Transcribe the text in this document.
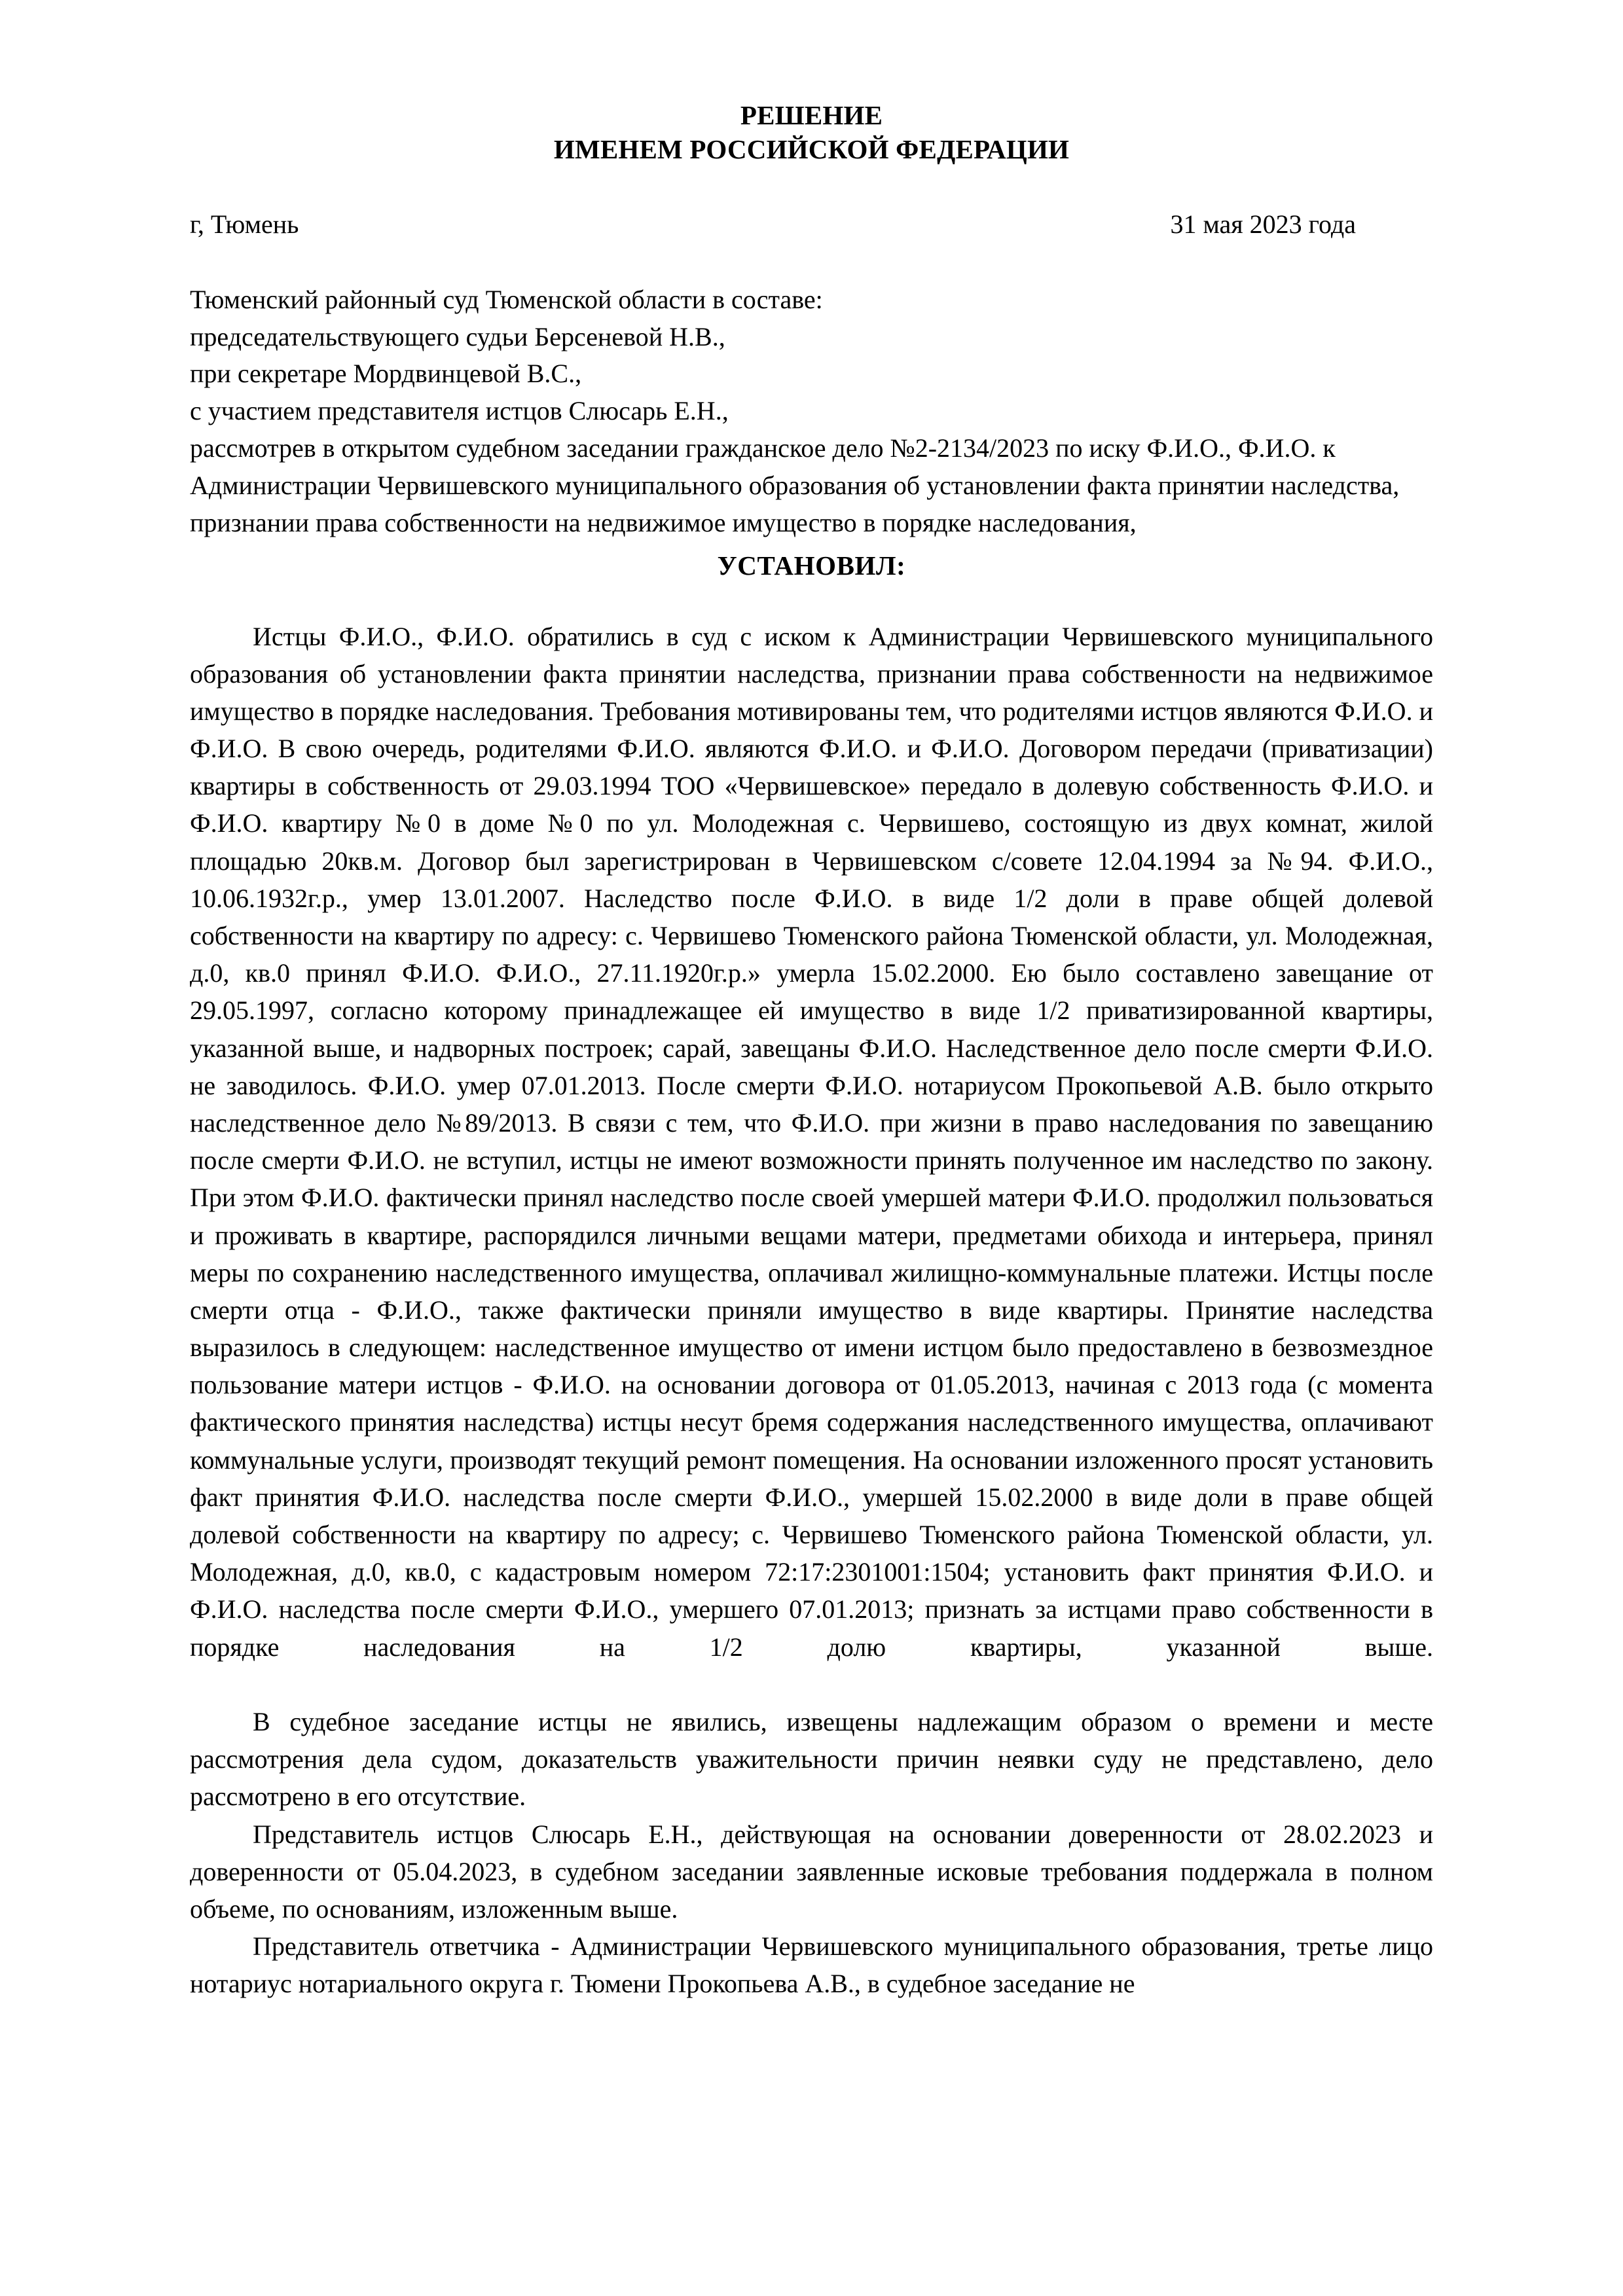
РЕШЕНИЕ
ИМЕНЕМ РОССИЙСКОЙ ФЕДЕРАЦИИ
г, Тюмень	31 мая 2023 года
Тюменский районный суд Тюменской области в составе:
председательствующего судьи Берсеневой Н.В.,
при секретаре Мордвинцевой В.С.,
с участием представителя истцов Слюсарь Е.Н.,
рассмотрев в открытом судебном заседании гражданское дело №2-2134/2023 по иску Ф.И.О., Ф.И.О. к Администрации Червишевского муниципального образования об установлении факта принятии наследства, признании права собственности на недвижимое имущество в порядке наследования,
УСТАНОВИЛ:

Истцы Ф.И.О., Ф.И.О. обратились в суд с иском к Администрации Червишевского муниципального образования об установлении факта принятии наследства, признании права собственности на недвижимое имущество в порядке наследования. Требования мотивированы тем, что родителями истцов являются Ф.И.О. и Ф.И.О. В свою очередь, родителями Ф.И.О. являются Ф.И.О. и Ф.И.О. Договором передачи (приватизации) квартиры в собственность от 29.03.1994 ТОО «Червишевское» передало в долевую собственность Ф.И.О. и Ф.И.О. квартиру №0 в доме №0 по ул. Молодежная с. Червишево, состоящую из двух комнат, жилой площадью 20кв.м. Договор был зарегистрирован в Червишевском с/совете 12.04.1994 за №94. Ф.И.О., 10.06.1932г.р., умер 13.01.2007. Наследство после Ф.И.О. в виде 1/2 доли в праве общей долевой собственности на квартиру по адресу: с. Червишево Тюменского района Тюменской области, ул. Молодежная, д.0, кв.0 принял Ф.И.О. Ф.И.О., 27.11.1920г.р.» умерла 15.02.2000. Ею было составлено завещание от 29.05.1997, согласно которому принадлежащее ей имущество в виде 1/2 приватизированной квартиры, указанной выше, и надворных построек; сарай, завещаны Ф.И.О. Наследственное дело после смерти Ф.И.О. не заводилось. Ф.И.О. умер 07.01.2013. После смерти Ф.И.О. нотариусом Прокопьевой А.В. было открыто наследственное дело №89/2013. В связи с тем, что Ф.И.О. при жизни в право наследования по завещанию после смерти Ф.И.О. не вступил, истцы не имеют возможности принять полученное им наследство по закону. При этом Ф.И.О. фактически принял наследство после своей умершей матери Ф.И.О. продолжил пользоваться и проживать в квартире, распорядился личными вещами матери, предметами обихода и интерьера, принял меры по сохранению наследственного имущества, оплачивал жилищно-коммунальные платежи. Истцы после смерти отца - Ф.И.О., также фактически приняли имущество в виде квартиры. Принятие наследства выразилось в следующем: наследственное имущество от имени истцом было предоставлено в безвозмездное пользование матери истцов - Ф.И.О. на основании договора от 01.05.2013, начиная с 2013 года (с момента фактического принятия наследства) истцы несут бремя содержания наследственного имущества, оплачивают коммунальные услуги, производят текущий ремонт помещения. На основании изложенного просят установить факт принятия Ф.И.О. наследства после смерти Ф.И.О., умершей 15.02.2000 в виде доли в праве общей долевой собственности на квартиру по адресу; с. Червишево Тюменского района Тюменской области, ул. Молодежная, д.0, кв.0, с кадастровым номером 72:17:2301001:1504; установить факт принятия Ф.И.О. и Ф.И.О. наследства после смерти Ф.И.О., умершего 07.01.2013; признать за истцами право собственности в порядке наследования на 1/2 долю квартиры, указанной выше.

В судебное заседание истцы не явились, извещены надлежащим образом о времени и месте рассмотрения дела судом, доказательств уважительности причин неявки суду не представлено, дело рассмотрено в его отсутствие.

Представитель истцов Слюсарь Е.Н., действующая на основании доверенности от 28.02.2023 и доверенности от 05.04.2023, в судебном заседании заявленные исковые требования поддержала в полном объеме, по основаниям, изложенным выше.

Представитель ответчика - Администрации Червишевского муниципального образования, третье лицо нотариус нотариального округа г. Тюмени Прокопьева А.В., в судебное заседание не
